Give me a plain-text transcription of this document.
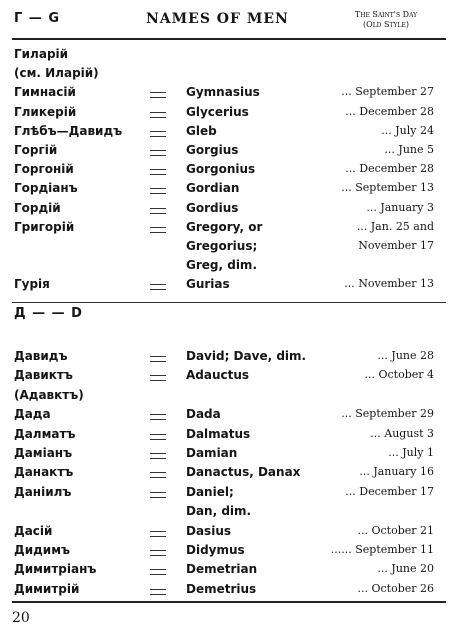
Г — G	NAMES OF MEN	The Saint's Day
(Old Style)
Гиларій
(см. Иларій)
Гимнасій	Gymnasius	... September 27
Гликерій	Glycerius	... December 28
Глѣбъ—Давидъ	Gleb	... July 24
Горгій	Gorgius	... June 5
Горгоній	Gorgonius	... December 28
Гордіанъ	Gordian	... September 13
Гордій	Gordius	... January 3
Григорій	Gregory, or	... Jan. 25 and
Gregorius;	November 17
Greg, dim.
Гурія	Gurias	... November 13
Д — — D
Давидъ	David; Dave, dim.	... June 28
Давиктъ	Adauctus	... October 4
(Адавктъ)
Дада	Dada	... September 29
Далматъ	Dalmatus	... August 3
Даміанъ	Damian	... July 1
Данактъ	Danactus, Danax	... January 16
Даніилъ	Daniel;	... December 17
Dan, dim.
Дасій	Dasius	... October 21
Дидимъ	Didymus	...... September 11
Димитріанъ	Demetrian	... June 20
Димитрій	Demetrius	... October 26
20
